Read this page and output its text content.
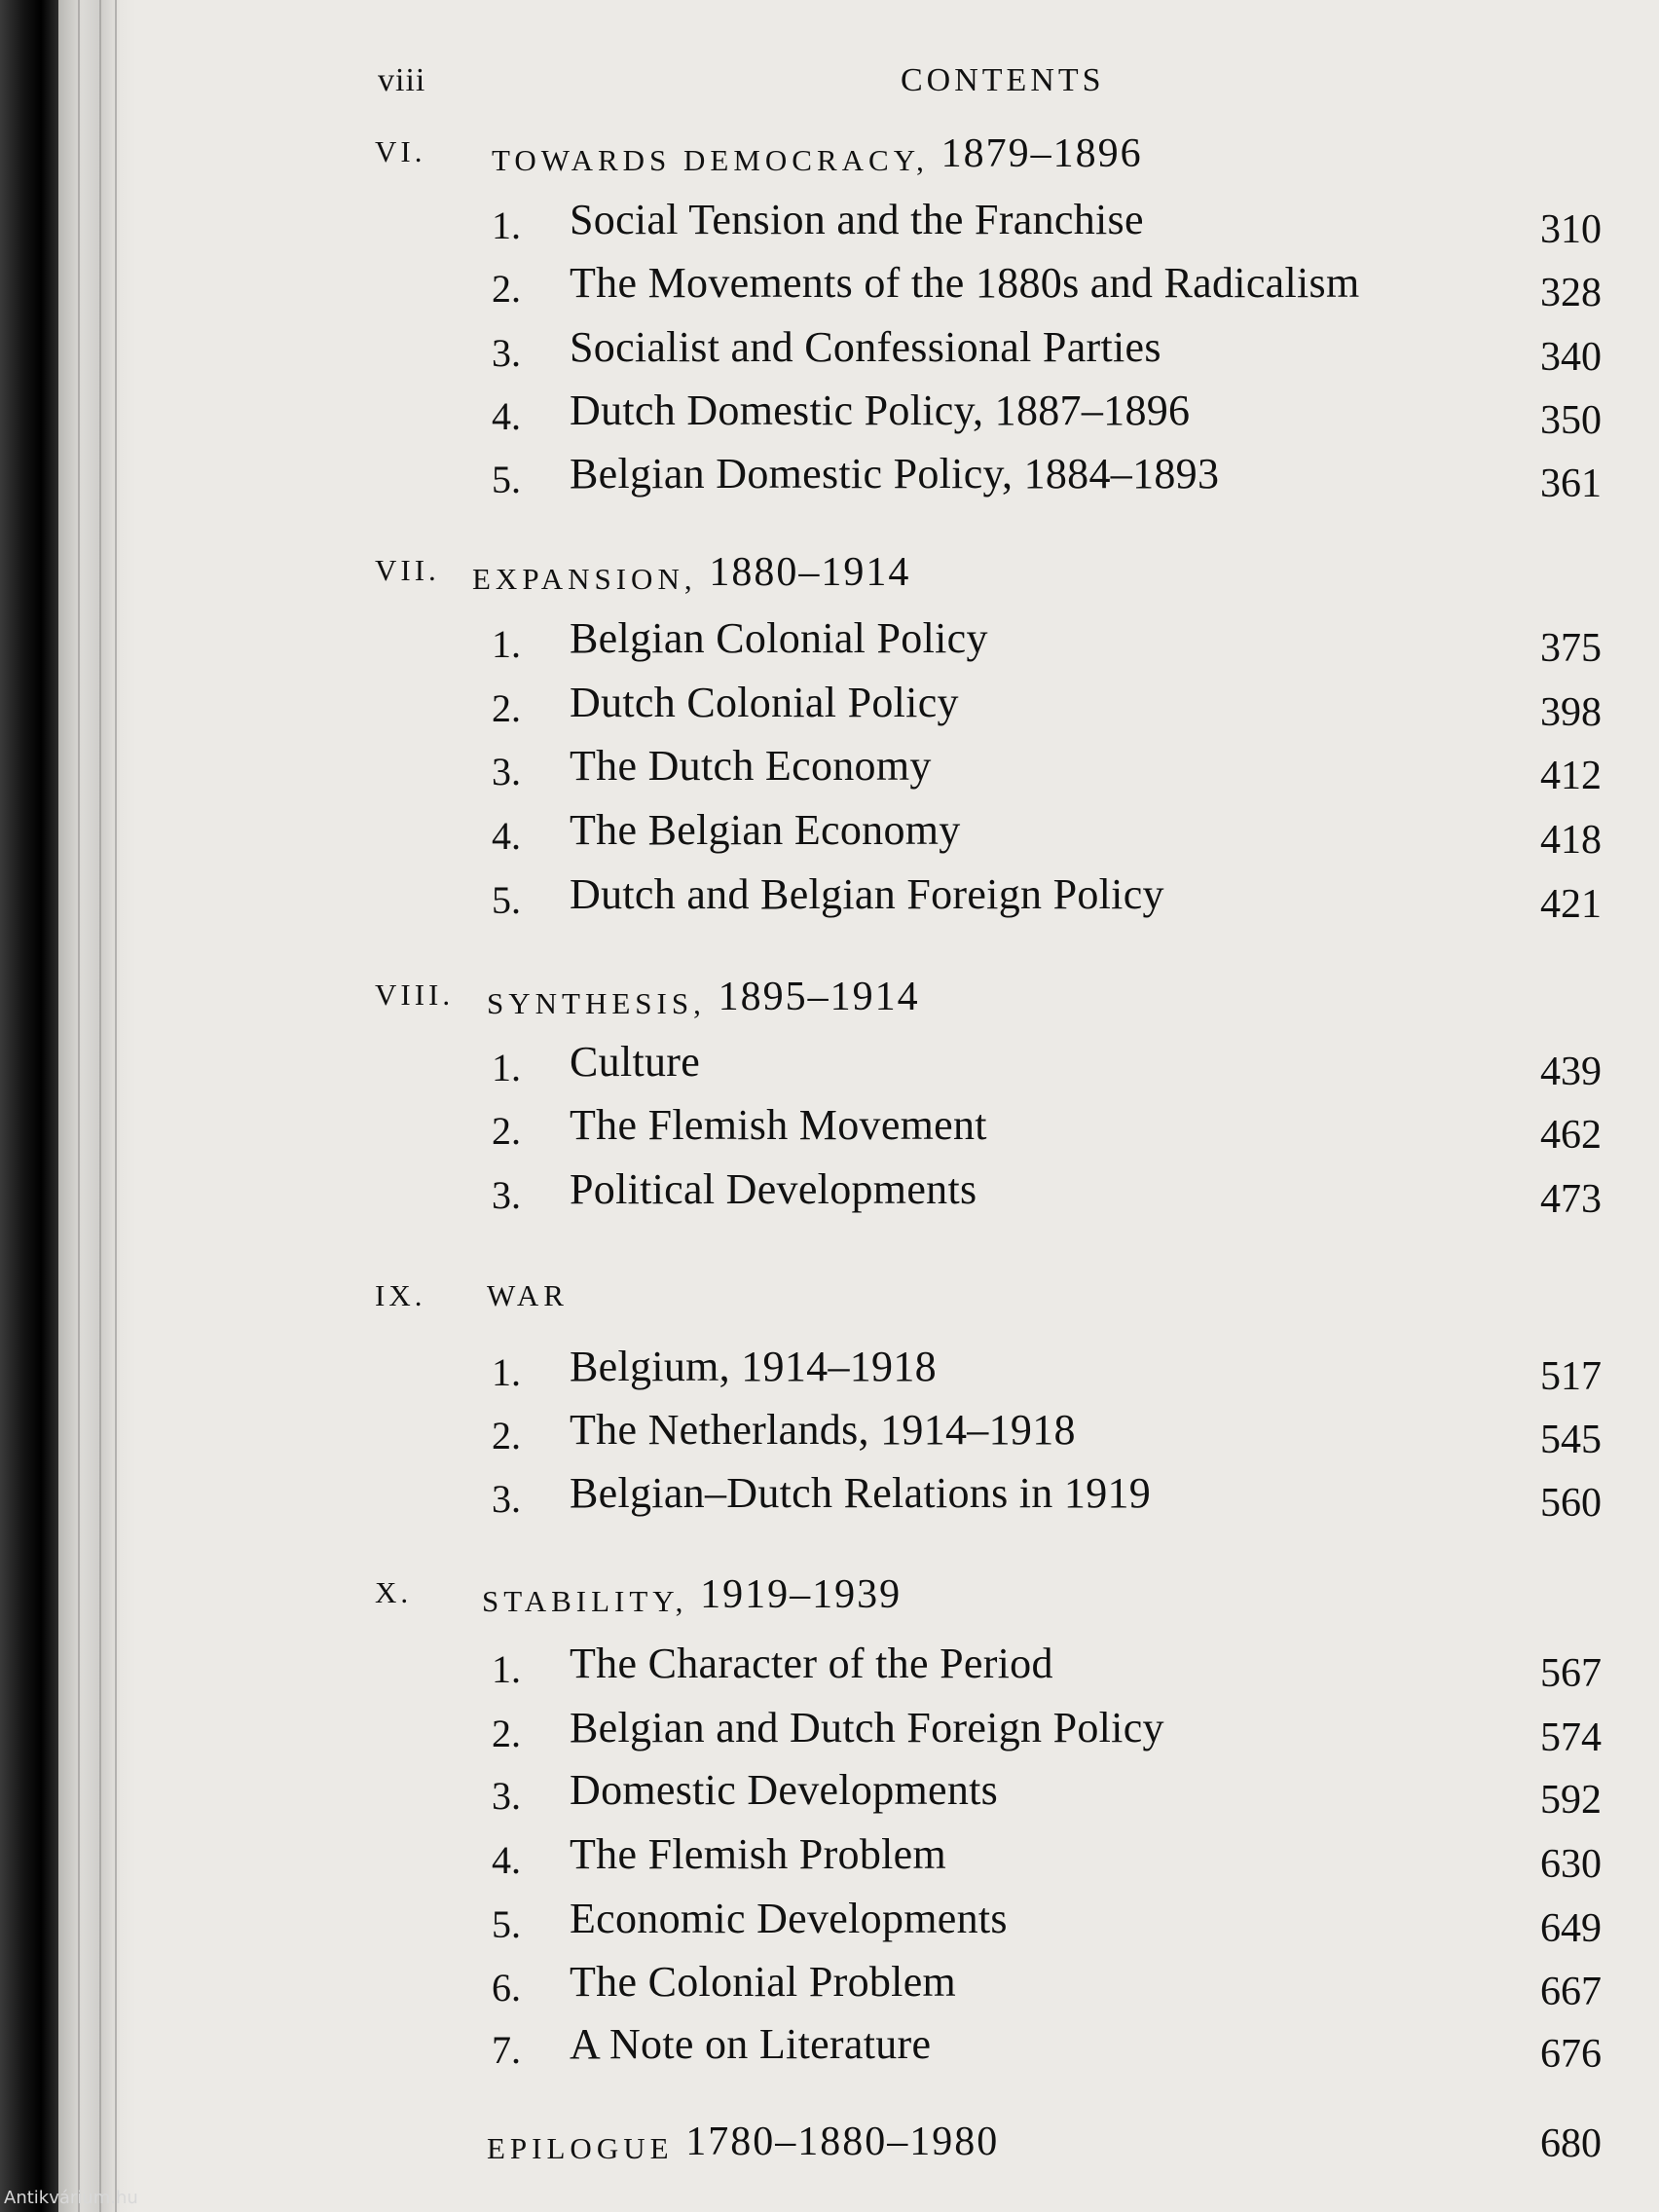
viii	CONTENTS
VI. TOWARDS DEMOCRACY, 1879–1896
1. Social Tension and the Franchise	310
2. The Movements of the 1880s and Radicalism	328
3. Socialist and Confessional Parties	340
4. Dutch Domestic Policy, 1887–1896	350
5. Belgian Domestic Policy, 1884–1893	361
VII. EXPANSION, 1880–1914
1. Belgian Colonial Policy	375
2. Dutch Colonial Policy	398
3. The Dutch Economy	412
4. The Belgian Economy	418
5. Dutch and Belgian Foreign Policy	421
VIII. SYNTHESIS, 1895–1914
1. Culture	439
2. The Flemish Movement	462
3. Political Developments	473
IX. WAR
1. Belgium, 1914–1918	517
2. The Netherlands, 1914–1918	545
3. Belgian–Dutch Relations in 1919	560
X. STABILITY, 1919–1939
1. The Character of the Period	567
2. Belgian and Dutch Foreign Policy	574
3. Domestic Developments	592
4. The Flemish Problem	630
5. Economic Developments	649
6. The Colonial Problem	667
7. A Note on Literature	676
EPILOGUE 1780–1880–1980	680
Antikvárium.hu
